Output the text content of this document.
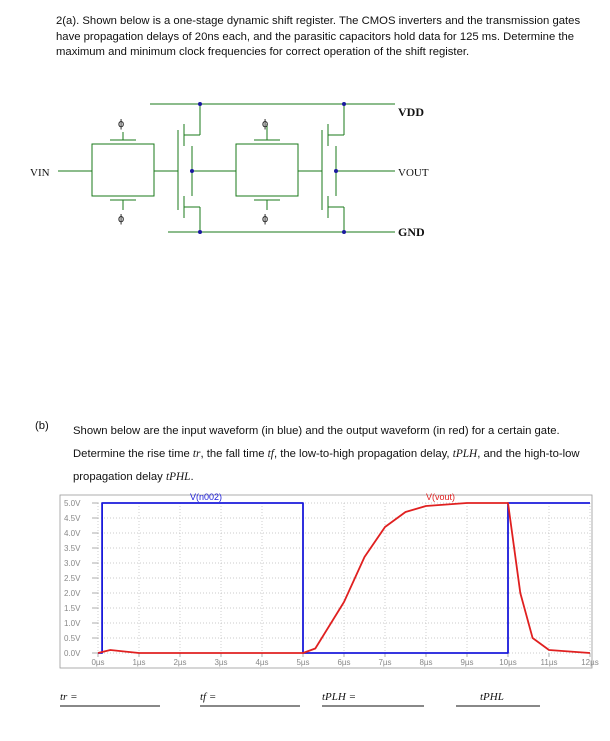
2(a). Shown below is a one-stage dynamic shift register. The CMOS inverters and the transmission gates have propagation delays of 20ns each, and the parasitic capacitors hold data for 125 ms. Determine the maximum and minimum clock frequencies for correct operation of the shift register.
VDD
VOUT
GND
VIN
ϕ
ϕ
ϕ
ϕ
(b) Shown below are the input waveform (in blue) and the output waveform (in red) for a certain gate. Determine the rise time tr, the fall time tf, the low-to-high propagation delay, tPLH, and the high-to-low propagation delay tPHL.
0.0V
0.5V
1.0V
1.5V
2.0V
2.5V
3.0V
3.5V
4.0V
4.5V
5.0V
0µs	1µs	2µs	3µs	4µs	5µs	6µs	7µs	8µs	9µs	10µs	11µs	12µs
V(n002)	V(vout)
tr =	tf =	tPLH =	tPHL
